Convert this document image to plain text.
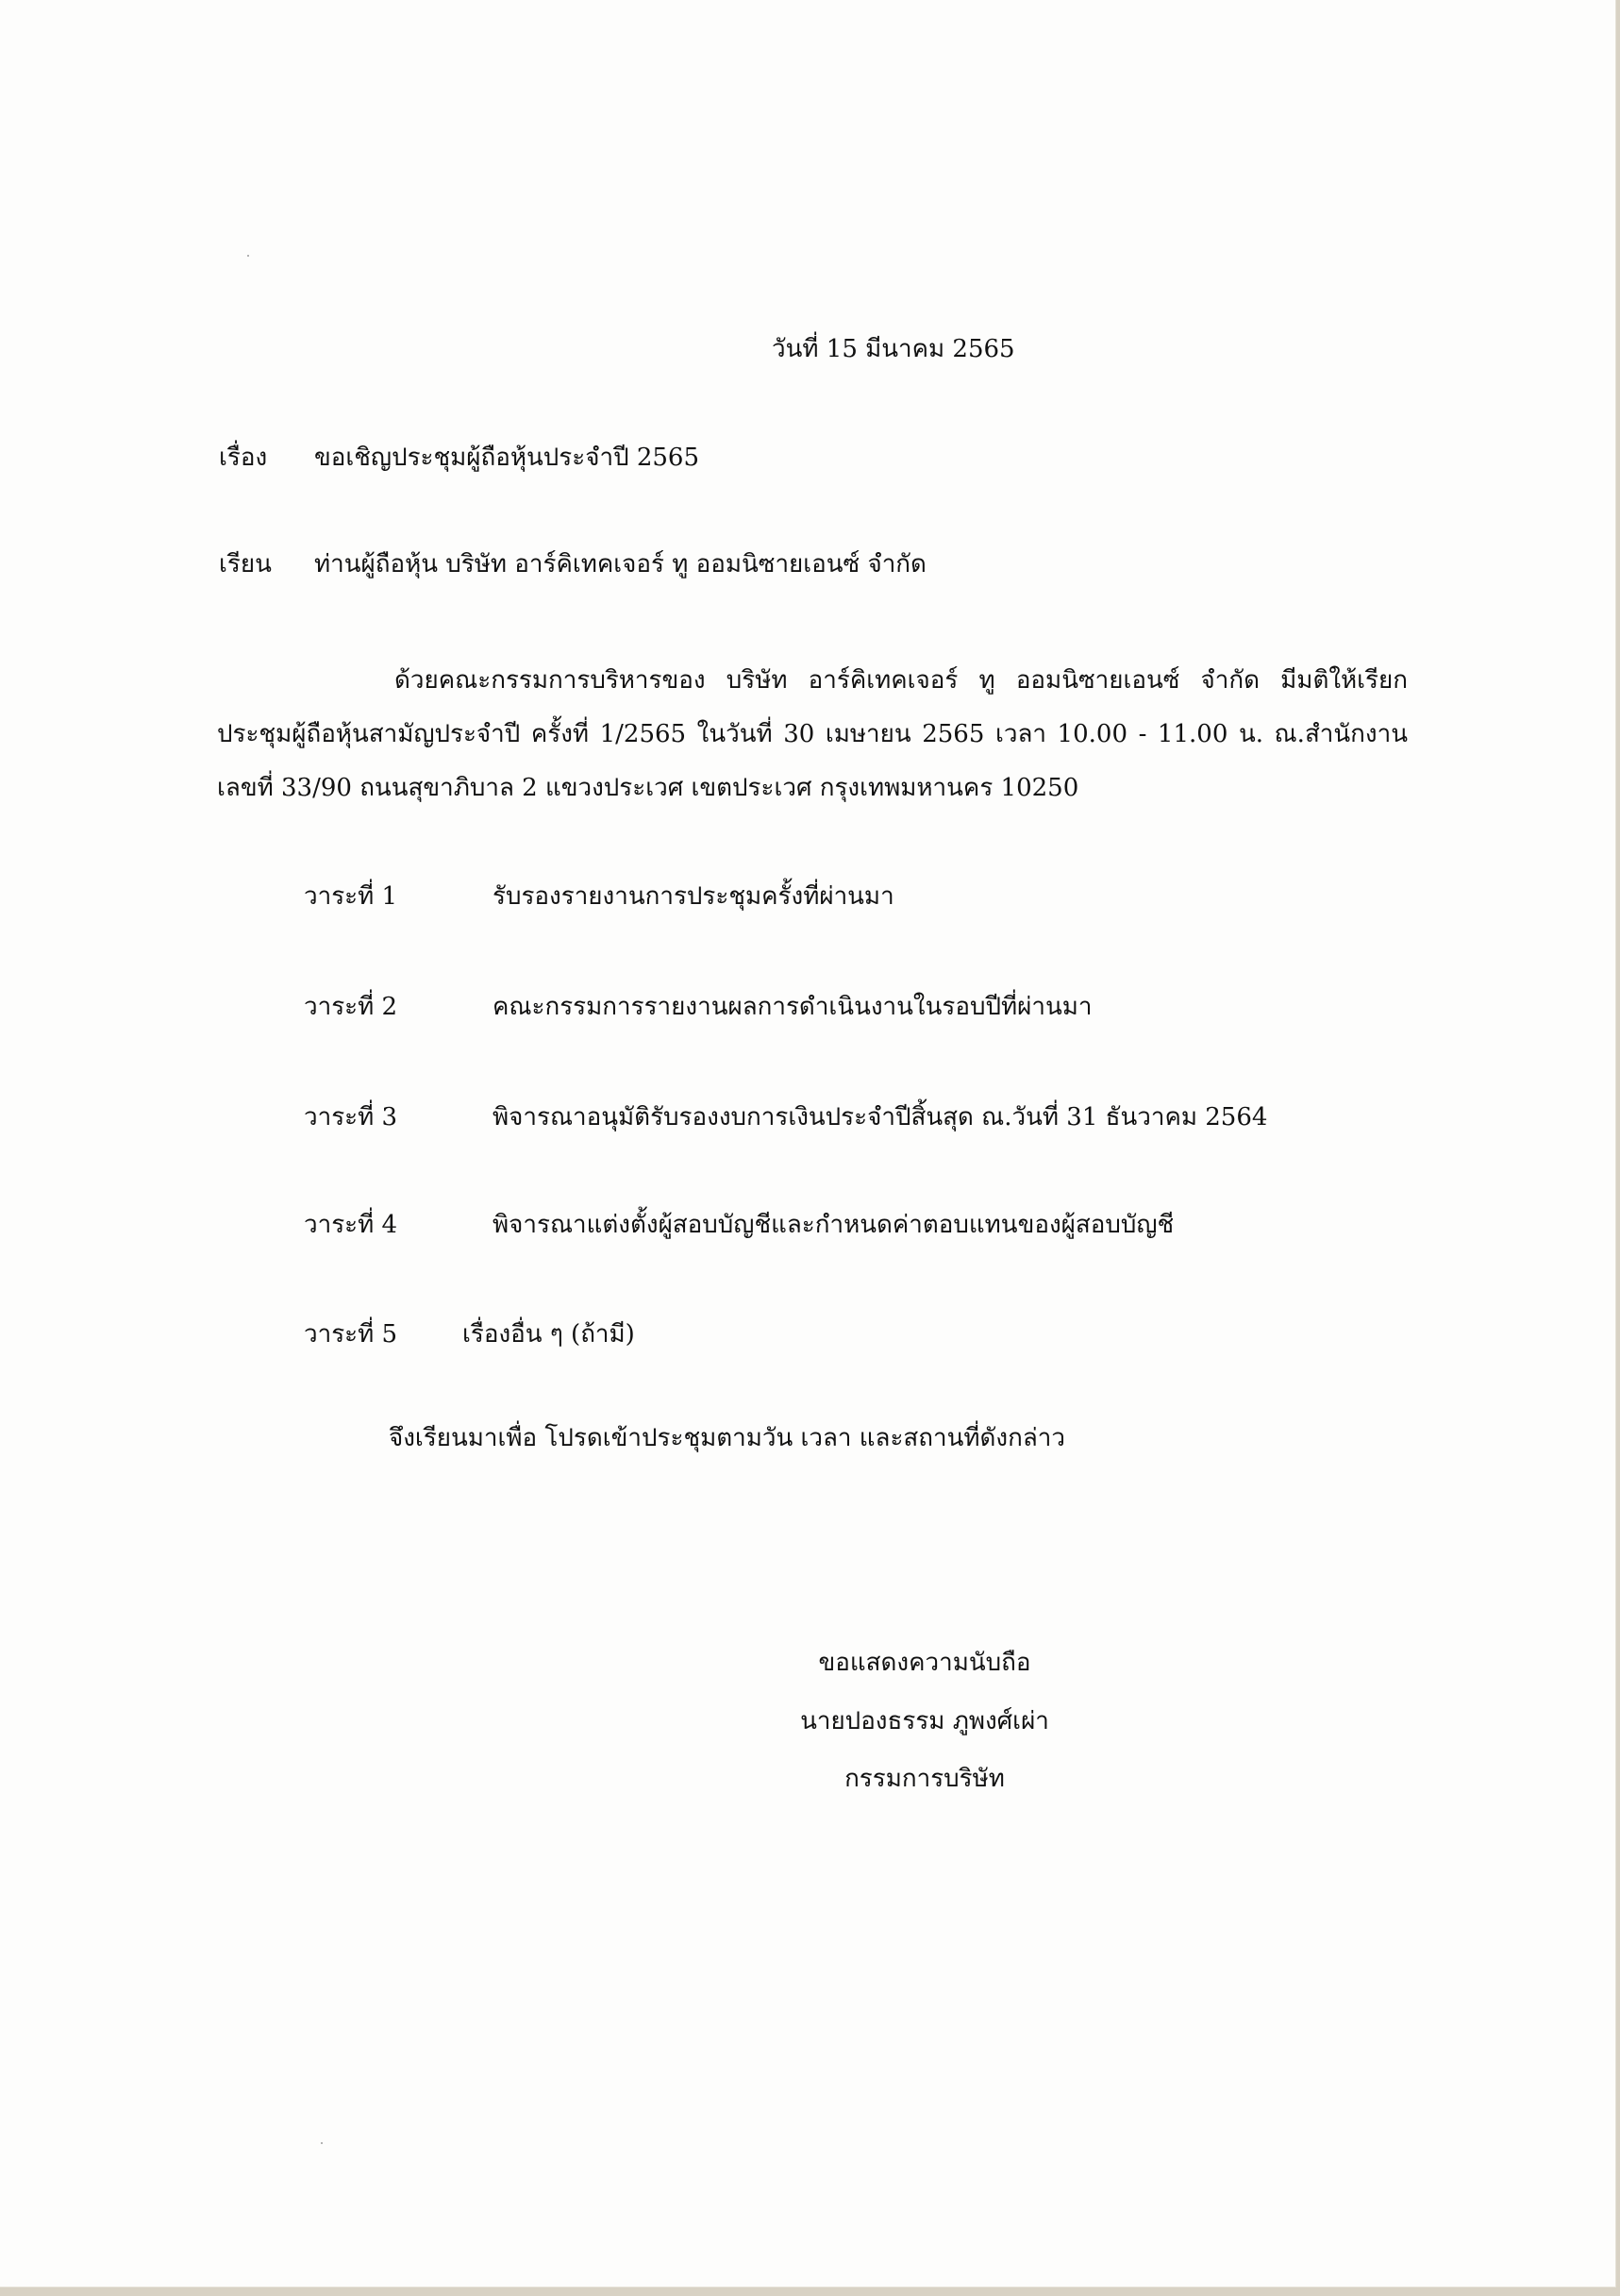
วันที่ 15 มีนาคม 2565
เรื่อง ขอเชิญประชุมผู้ถือหุ้นประจำปี 2565
เรียน ท่านผู้ถือหุ้น บริษัท อาร์คิเทคเจอร์ ทู ออมนิซายเอนซ์ จำกัด
ด้วยคณะกรรมการบริหารของ บริษัท อาร์คิเทคเจอร์ ทู ออมนิซายเอนซ์ จำกัด มีมติให้เรียก
ประชุมผู้ถือหุ้นสามัญประจำปี ครั้งที่ 1/2565 ในวันที่ 30 เมษายน 2565 เวลา 10.00 - 11.00 น. ณ.สำนักงาน
เลขที่ 33/90 ถนนสุขาภิบาล 2 แขวงประเวศ เขตประเวศ กรุงเทพมหานคร 10250
วาระที่ 1	รับรองรายงานการประชุมครั้งที่ผ่านมา
วาระที่ 2	คณะกรรมการรายงานผลการดำเนินงานในรอบปีที่ผ่านมา
วาระที่ 3	พิจารณาอนุมัติรับรองงบการเงินประจำปีสิ้นสุด ณ.วันที่ 31 ธันวาคม 2564
วาระที่ 4	พิจารณาแต่งตั้งผู้สอบบัญชีและกำหนดค่าตอบแทนของผู้สอบบัญชี
วาระที่ 5	เรื่องอื่น ๆ (ถ้ามี)
จึงเรียนมาเพื่อ โปรดเข้าประชุมตามวัน เวลา และสถานที่ดังกล่าว
ขอแสดงความนับถือ
นายปองธรรม ภูพงศ์เผ่า
กรรมการบริษัท
